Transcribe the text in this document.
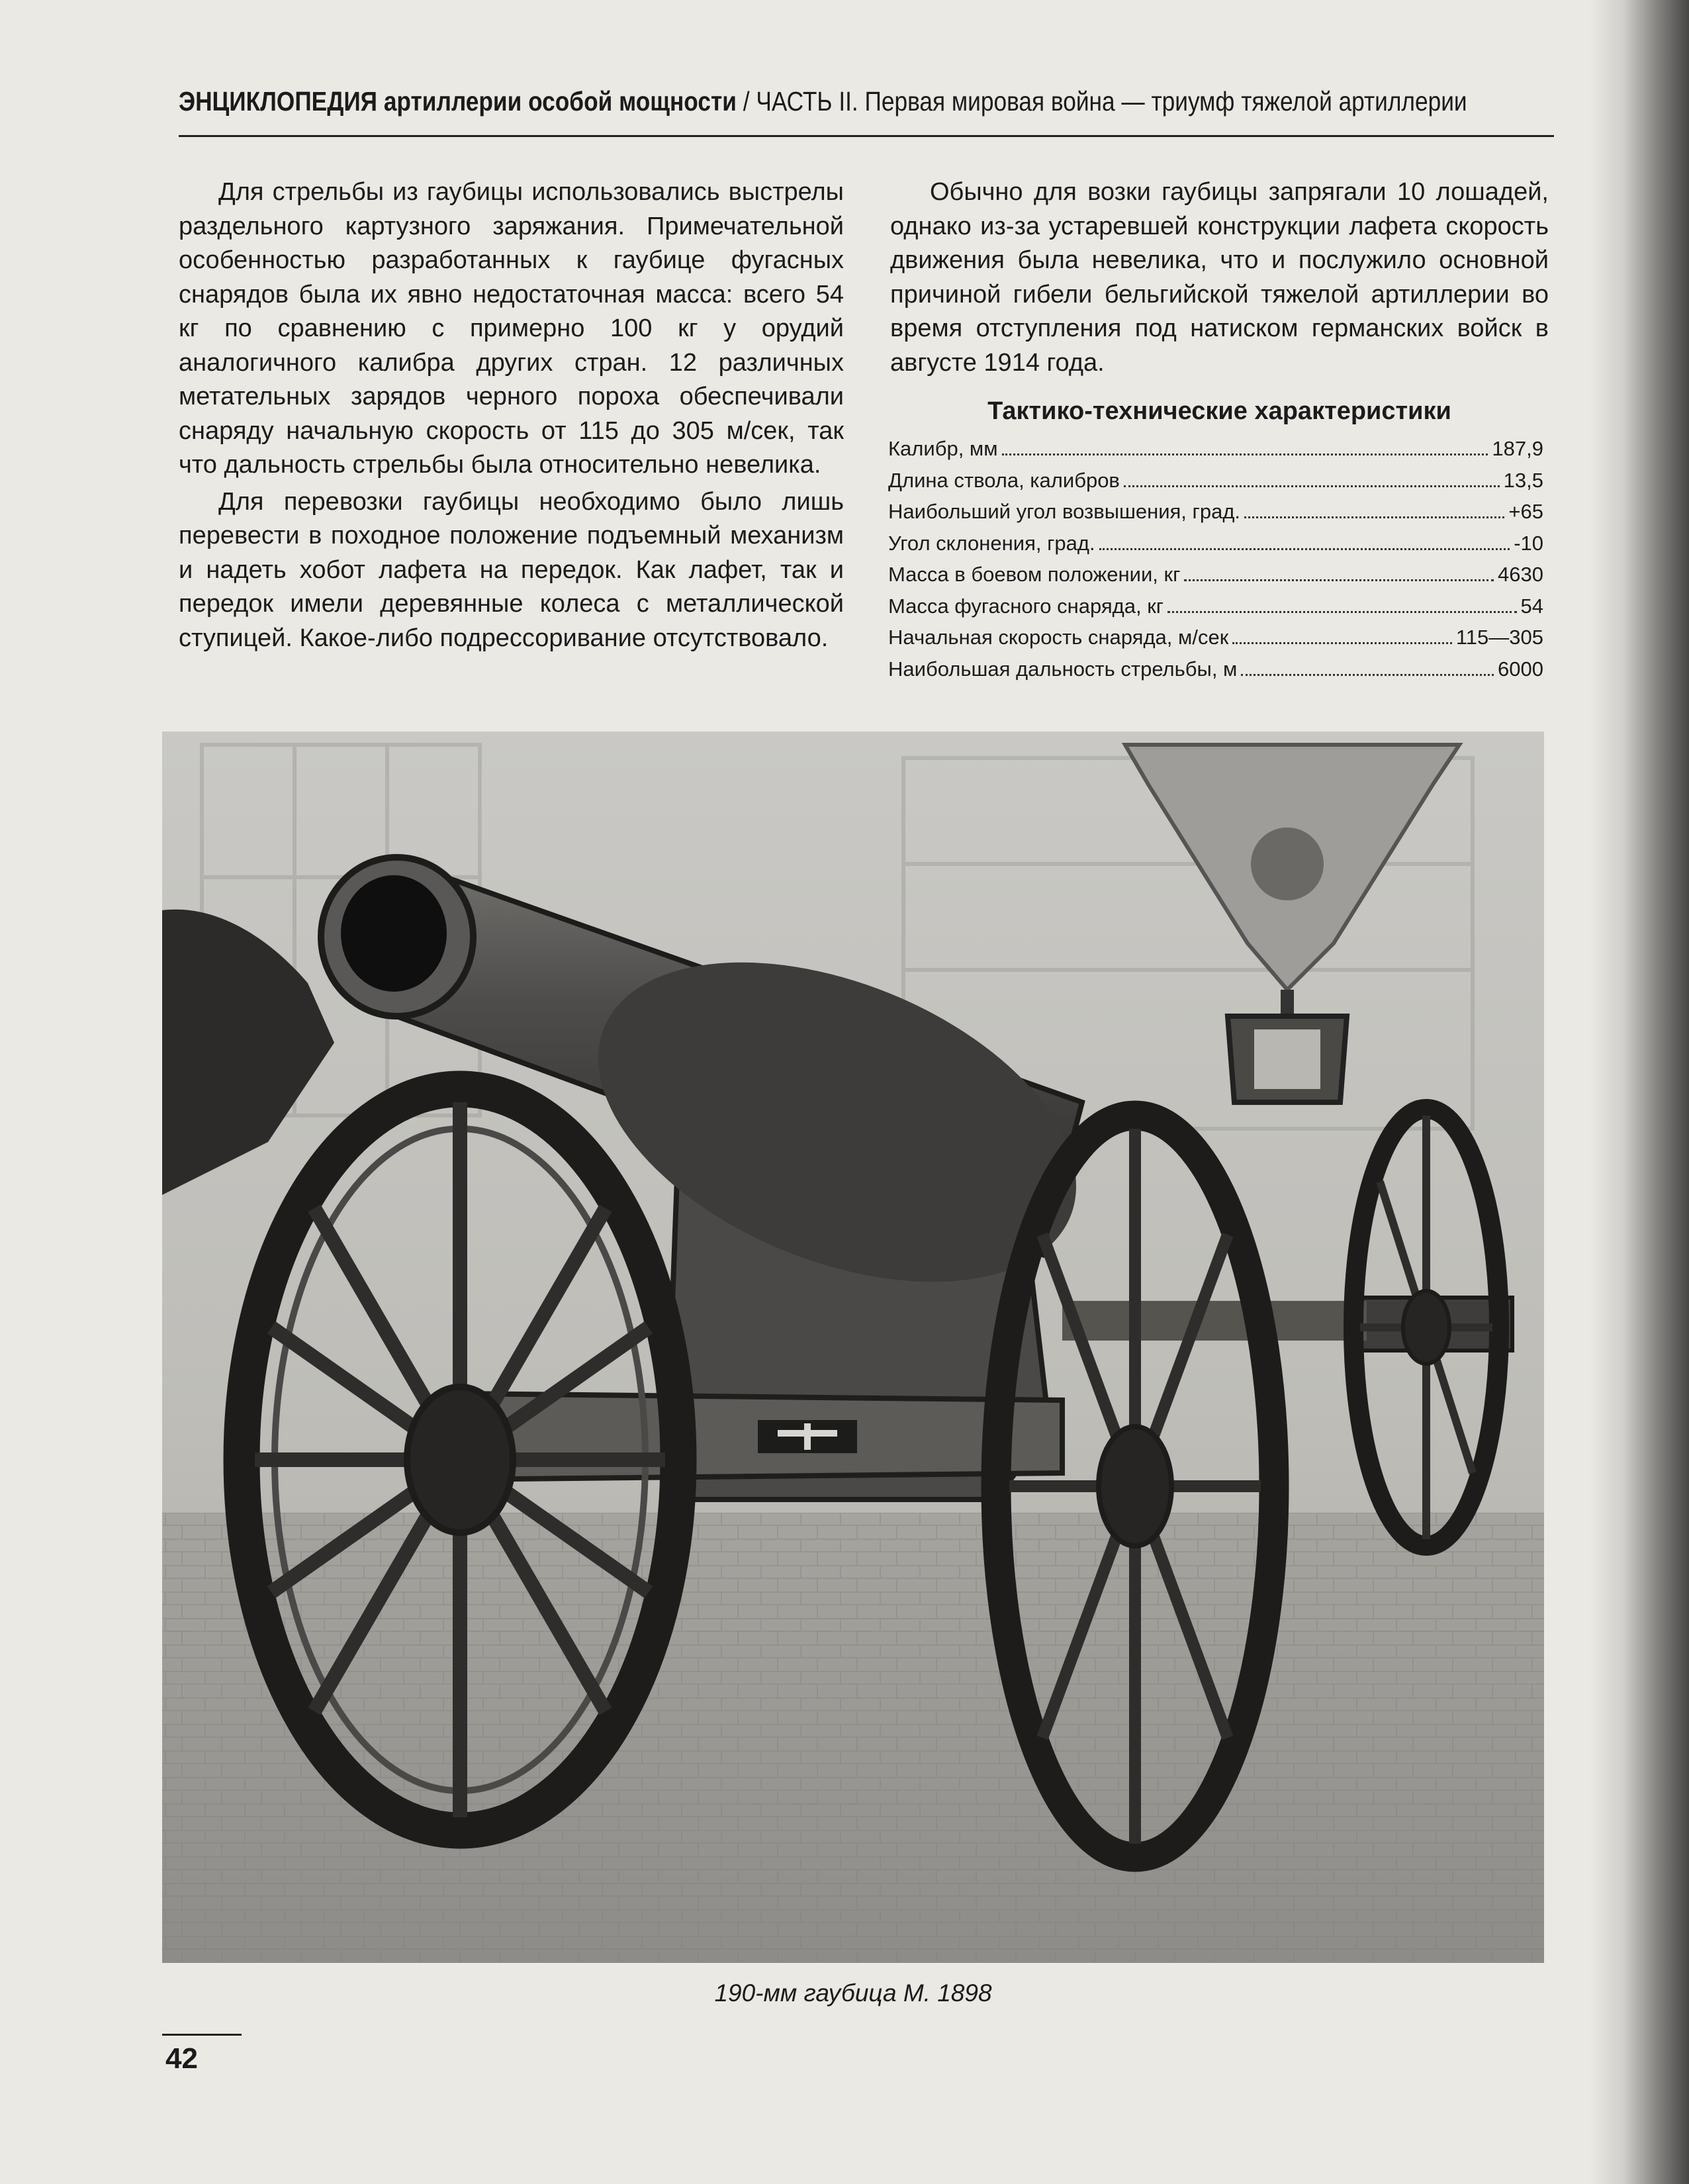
ЭНЦИКЛОПЕДИЯ артиллерии особой мощности / ЧАСТЬ II. Первая мировая война — триумф тяжелой артиллерии

Для стрельбы из гаубицы использовались выстрелы раздельного картузного заряжания. Примечательной особенностью разработанных к гаубице фугасных снарядов была их явно недостаточная масса: всего 54 кг по сравнению с примерно 100 кг у орудий аналогичного калибра других стран. 12 различных метательных зарядов черного пороха обеспечивали снаряду начальную скорость от 115 до 305 м/сек, так что дальность стрельбы была относительно невелика.

Для перевозки гаубицы необходимо было лишь перевести в походное положение подъемный механизм и надеть хобот лафета на передок. Как лафет, так и передок имели деревянные колеса с металлической ступицей. Какое-либо подрессоривание отсутствовало.

Обычно для возки гаубицы запрягали 10 лошадей, однако из-за устаревшей конструкции лафета скорость движения была невелика, что и послужило основной причиной гибели бельгийской тяжелой артиллерии во время отступления под натиском германских войск в августе 1914 года.

Тактико-технические характеристики
Калибр, мм	187,9
Длина ствола, калибров	13,5
Наибольший угол возвышения, град.	+65
Угол склонения, град.	-10
Масса в боевом положении, кг	4630
Масса фугасного снаряда, кг	54
Начальная скорость снаряда, м/сек	115—305
Наибольшая дальность стрельбы, м	6000
190-мм гаубица М. 1898
42
